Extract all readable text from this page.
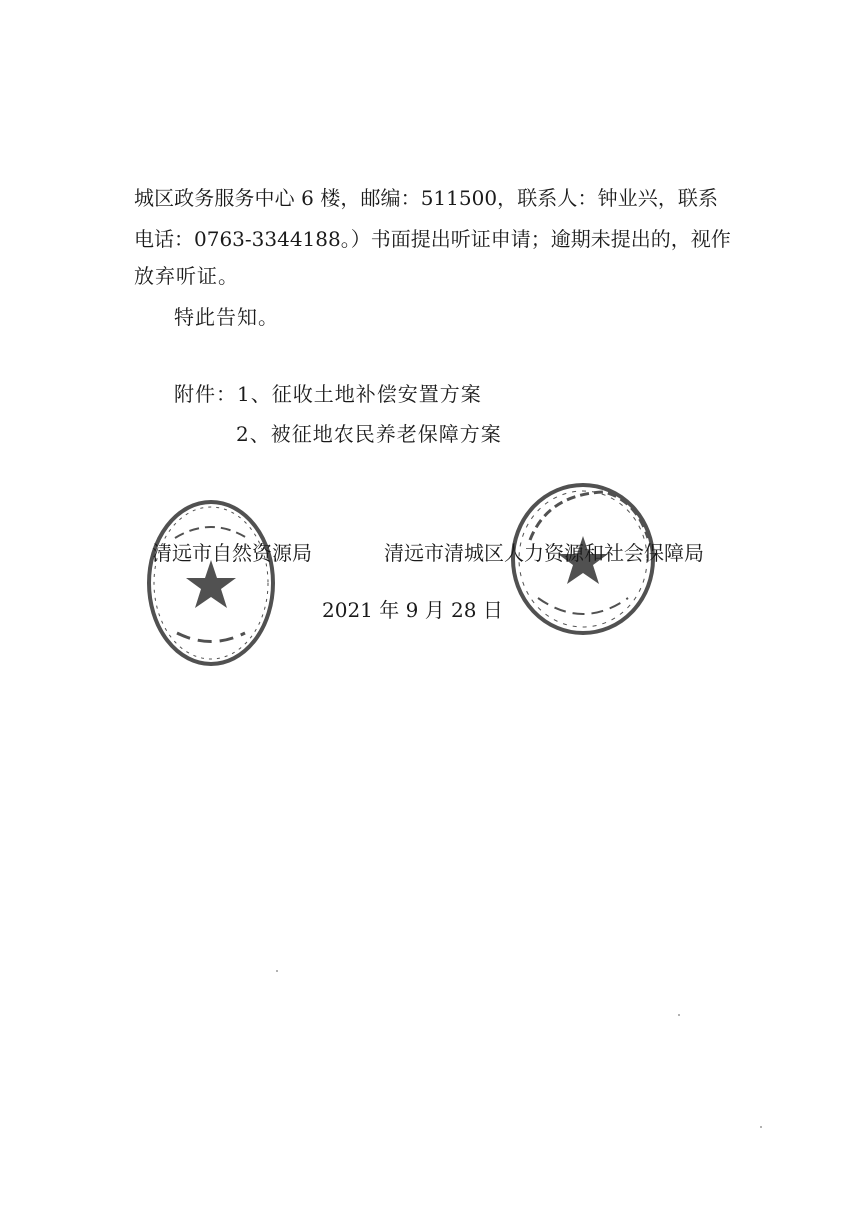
城区政务服务中心 6 楼，邮编：511500，联系人：钟业兴，联系
电话：0763-3344188。）书面提出听证申请；逾期未提出的，视作
放弃听证。
特此告知。
附件：1、征收土地补偿安置方案
2、被征地农民养老保障方案
清远市自然资源局	清远市清城区人力资源和社会保障局
2021 年 9 月 28 日
